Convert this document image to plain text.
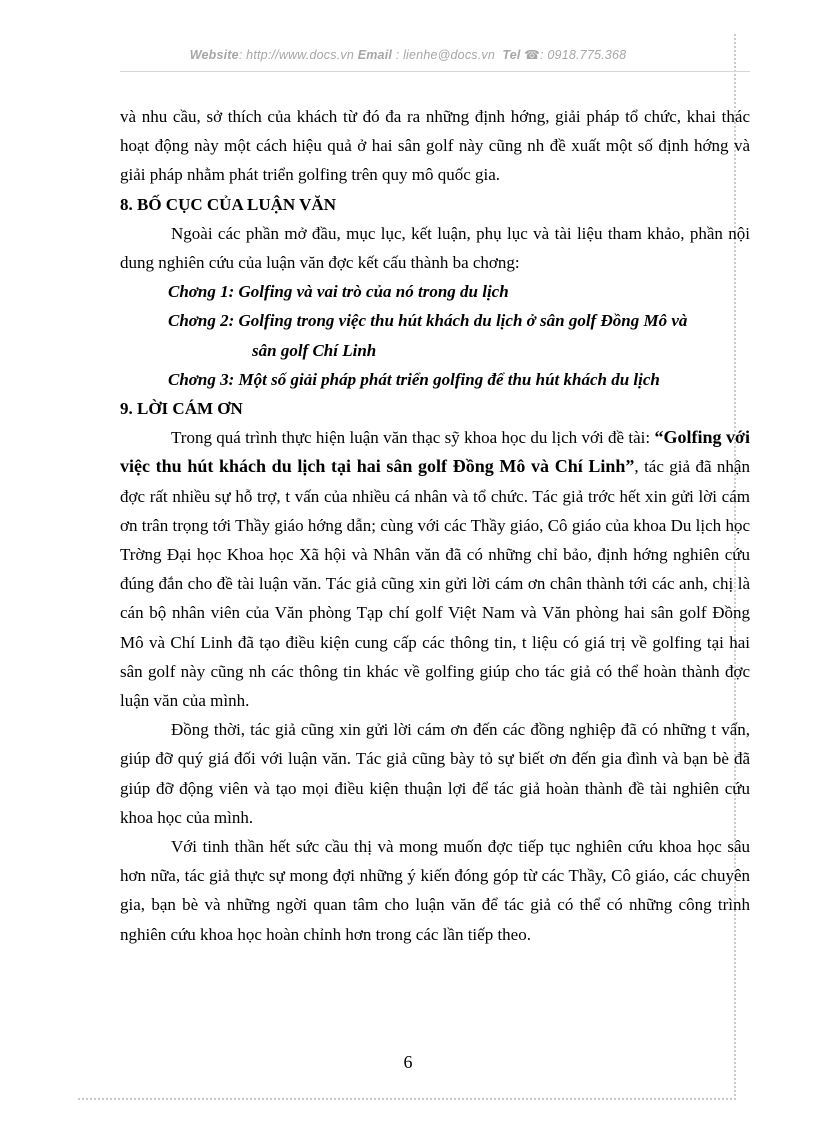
Website: http://www.docs.vn Email : lienhe@docs.vn Tel ☎: 0918.775.368

và nhu cầu, sở thích của khách từ đó đa ra những định hớng, giải pháp tổ chức, khai thác hoạt động này một cách hiệu quả ở hai sân golf này cũng nh đề xuất một số định hớng và giải pháp nhằm phát triển golfing trên quy mô quốc gia.

8. BỐ CỤC CỦA LUẬN VĂN

Ngoài các phần mở đầu, mục lục, kết luận, phụ lục và tài liệu tham khảo, phần nội dung nghiên cứu của luận văn đợc kết cấu thành ba chơng:

Chơng 1: Golfing và vai trò của nó trong du lịch

Chơng 2: Golfing trong việc thu hút khách du lịch ở sân golf Đồng Mô và
sân golf Chí Linh

Chơng 3: Một số giải pháp phát triển golfing để thu hút khách du lịch

9. LỜI CÁM ƠN

Trong quá trình thực hiện luận văn thạc sỹ khoa học du lịch với đề tài: “Golfing với việc thu hút khách du lịch tại hai sân golf Đồng Mô và Chí Linh”, tác giả đã nhận đợc rất nhiều sự hỗ trợ, t vấn của nhiều cá nhân và tổ chức. Tác giả trớc hết xin gửi lời cám ơn trân trọng tới Thầy giáo hớng dẫn; cùng với các Thầy giáo, Cô giáo của khoa Du lịch học Trờng Đại học Khoa học Xã hội và Nhân văn đã có những chỉ bảo, định hớng nghiên cứu đúng đắn cho đề tài luận văn. Tác giả cũng xin gửi lời cám ơn chân thành tới các anh, chị là cán bộ nhân viên của Văn phòng Tạp chí golf Việt Nam và Văn phòng hai sân golf Đồng Mô và Chí Linh đã tạo điều kiện cung cấp các thông tin, t liệu có giá trị về golfing tại hai sân golf này cũng nh các thông tin khác về golfing giúp cho tác giả có thể hoàn thành đợc luận văn của mình.

Đồng thời, tác giả cũng xin gửi lời cám ơn đến các đồng nghiệp đã có những t vấn, giúp đỡ quý giá đối với luận văn. Tác giả cũng bày tỏ sự biết ơn đến gia đình và bạn bè đã giúp đỡ động viên và tạo mọi điều kiện thuận lợi để tác giả hoàn thành đề tài nghiên cứu khoa học của mình.

Với tinh thần hết sức cầu thị và mong muốn đợc tiếp tục nghiên cứu khoa học sâu hơn nữa, tác giả thực sự mong đợi những ý kiến đóng góp từ các Thầy, Cô giáo, các chuyên gia, bạn bè và những ngời quan tâm cho luận văn để tác giả có thể có những công trình nghiên cứu khoa học hoàn chỉnh hơn trong các lần tiếp theo.

6
